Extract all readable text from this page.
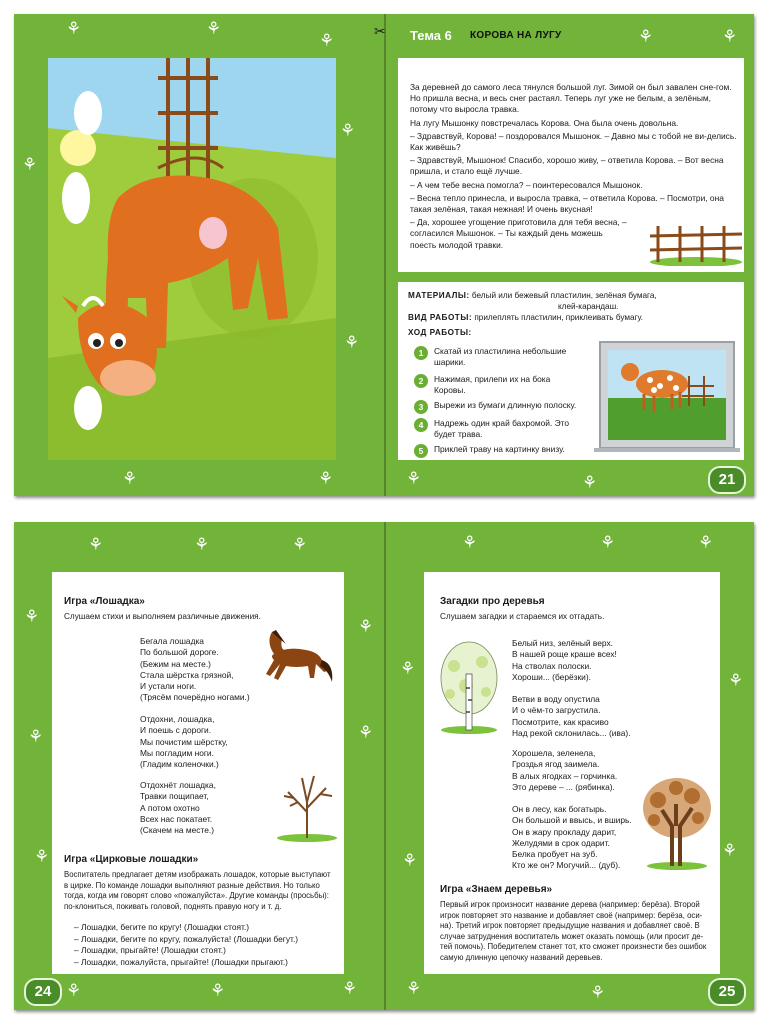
⚘	⚘
⚘
⚘
⚘
⚘
⚘	⚘	⚘	⚘
⚘	⚘
✂ Тема 6 КОРОВА НА ЛУГУ

За деревней до самого леса тянулся большой луг. Зимой он был завален сне-гом. Но пришла весна, и весь снег растаял. Теперь луг уже не белым, а зелёным, потому что выросла травка.

На лугу Мышонку повстречалась Корова. Она была очень довольна.

– Здравствуй, Корова! – поздоровался Мышонок. – Давно мы с тобой не ви-делись. Как живёшь?

– Здравствуй, Мышонок! Спасибо, хорошо живу, – ответила Корова. – Вот весна пришла, и стало ещё лучше.

– А чем тебе весна помогла? – поинтересовался Мышонок.

– Весна тепло принесла, и выросла травка, – ответила Корова. – Посмотри, она такая зелёная, такая нежная! И очень вкусная!

– Да, хорошее угощение приготовила для тебя весна, –

согласился Мышонок. – Ты каждый день можешь

поесть молодой травки.

МАТЕРИАЛЫ: белый или бежевый пластилин, зелёная бумага,
клей-карандаш.
ВИД РАБОТЫ: прилеплять пластилин, приклеивать бумагу.
ХОД РАБОТЫ:
1	Скатай из пластилина небольшие шарики.
2	Нажимая, прилепи их на бока Коровы.
3	Вырежи из бумаги длинную полоску.
4	Надрежь один край бахромой. Это будет трава.
5	Приклей траву на картинку внизу.
21
⚘	⚘	⚘
⚘
⚘
⚘	⚘
⚘
⚘	⚘	⚘	⚘
⚘	⚘	⚘
⚘
⚘
⚘
⚘
⚘
Игра «Лошадка»
Слушаем стихи и выполняем различные движения.
Бегала лошадка
По большой дороге.
(Бежим на месте.)
Стала шёрстка грязной,
И устали ноги.
(Трясём почерёдно ногами.)
Отдохни, лошадка,
И поешь с дороги.
Мы почистим шёрстку,
Мы погладим ноги.
(Гладим коленочки.)
Отдохнёт лошадка,
Травки пощипает,
А потом охотно
Всех нас покатает.
(Скачем на месте.)
Игра «Цирковые лошадки»
Воспитатель предлагает детям изображать лошадок, которые выступают в цирке. По команде лошадки выполняют разные действия. Но только тогда, когда им говорят слово «пожалуйста». Другие команды (просьбы): по-клониться, покивать головой, поднять правую ногу и т. д.
– Лошадки, бегите по кругу! (Лошадки стоят.)
– Лошадки, бегите по кругу, пожалуйста! (Лошадки бегут.)
– Лошадки, прыгайте! (Лошадки стоят.)
– Лошадки, пожалуйста, прыгайте! (Лошадки прыгают.)
24
Загадки про деревья
Слушаем загадки и стараемся их отгадать.
Белый низ, зелёный верх.
В нашей роще краше всех!
На стволах полоски.
Хороши... (берёзки).
Ветви в воду опустила
И о чём-то загрустила.
Посмотрите, как красиво
Над рекой склонилась... (ива).
Хорошела, зеленела,
Гроздья ягод заимела.
В алых ягодках – горчинка.
Это дереве – ... (рябинка).
Он в лесу, как богатырь.
Он большой и ввысь, и вширь.
Он в жару прокладу дарит,
Желудями в срок одарит.
Белка пробует на зуб.
Кто же он? Могучий... (дуб).
Игра «Знаем деревья»
Первый игрок произносит название дерева (например: берёза). Второй игрок повторяет это название и добавляет своё (например: берёза, оси-на). Третий игрок повторяет предыдущие названия и добавляет своё. В случае затруднения воспитатель может оказать помощь (или просит де-тей помочь). Победителем станет тот, кто сможет произнести без ошибок самую длинную цепочку названий деревьев.
25
